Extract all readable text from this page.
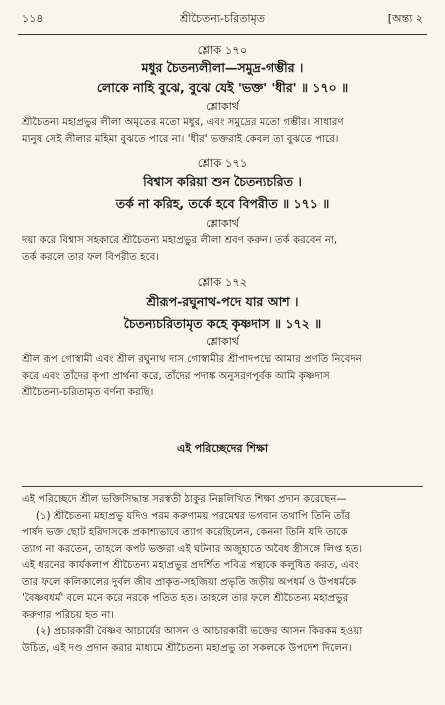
১১৪	শ্রীচৈতন্য-চরিতামৃত	[অন্ত্য ২
শ্লোক ১৭০
মধুর চৈতন্যলীলা—সমুদ্র-গম্ভীর ।
লোকে নাহি বুঝে, বুঝে যেই 'ভক্ত' 'ধীর' ॥ ১৭০ ॥
শ্লোকার্থ
শ্রীচৈতন্য মহাপ্রভুর লীলা অমৃতের মতো মধুর, এবং সমুদ্রের মতো গম্ভীর। সাধারণ
মানুষ সেই লীলার মহিমা বুঝতে পারে না। 'ধীর' ভক্তরাই কেবল তা বুঝতে পারে।
শ্লোক ১৭১
বিশ্বাস করিয়া শুন চৈতন্যচরিত ।
তর্ক না করিহ, তর্কে হবে বিপরীত ॥ ১৭১ ॥
শ্লোকার্থ
দয়া করে বিশ্বাস সহকারে শ্রীচৈতন্য মহাপ্রভুর লীলা শ্রবণ করুন। তর্ক করবেন না,
তর্ক করলে তার ফল বিপরীত হবে।
শ্লোক ১৭২
শ্রীরূপ-রঘুনাথ-পদে যার আশ ।
চৈতন্যচরিতামৃত কহে কৃষ্ণদাস ॥ ১৭২ ॥
শ্লোকার্থ
শ্রীল রূপ গোস্বামী এবং শ্রীল রঘুনাথ দাস গোস্বামীর শ্রীপাদপদ্মে আমার প্রণতি নিবেদন
করে এবং তাঁদের কৃপা প্রার্থনা করে, তাঁদের পদাঙ্ক অনুসরণপূর্বক আমি কৃষ্ণদাস
শ্রীচৈতন্য-চরিতামৃত বর্ণনা করছি।
এই পরিচ্ছেদের শিক্ষা
এই পরিচ্ছেদে শ্রীল ভক্তিসিদ্ধান্ত সরস্বতী ঠাকুর নিম্নলিখিত শিক্ষা প্রদান করেছেন—
(১) শ্রীচৈতন্য মহাপ্রভু যদিও পরম করুণাময় পরমেশ্বর ভগবান তথাপি তিনি তাঁর
পার্ষদ ভক্ত ছোট হরিদাসকে প্রকাশ্যভাবে ত্যাগ করেছিলেন, কেননা তিনি যদি তাকে
ত্যাগ না করতেন, তাহলে কপট ভক্তরা এই ঘটনার অজুহাতে অবৈধ স্ত্রীসঙ্গে লিপ্ত হত।
এই ধরনের কার্যকলাপ শ্রীচৈতন্য মহাপ্রভুর প্রদর্শিত পবিত্র পন্থাকে কলুষিত করত, এবং
তার ফলে কলিকালের দুর্বল জীব প্রাকৃত-সহজিয়া প্রভৃতি জড়ীয় অপধর্ম ও উপধর্মকে
'বৈষ্ণবধর্ম' বলে মনে করে নরকে পতিত হত। তাহলে তার ফলে শ্রীচৈতন্য মহাপ্রভুর
করুণার পরিচয় হত না।
(২) প্রচারকারী বৈষ্ণব আচার্যের আসন ও আচারকারী ভক্তের আসন কিরকম হওয়া
উচিত, এই দণ্ড প্রদান করার মাধ্যমে শ্রীচৈতন্য মহাপ্রভু তা সকলকে উপদেশ দিলেন।
